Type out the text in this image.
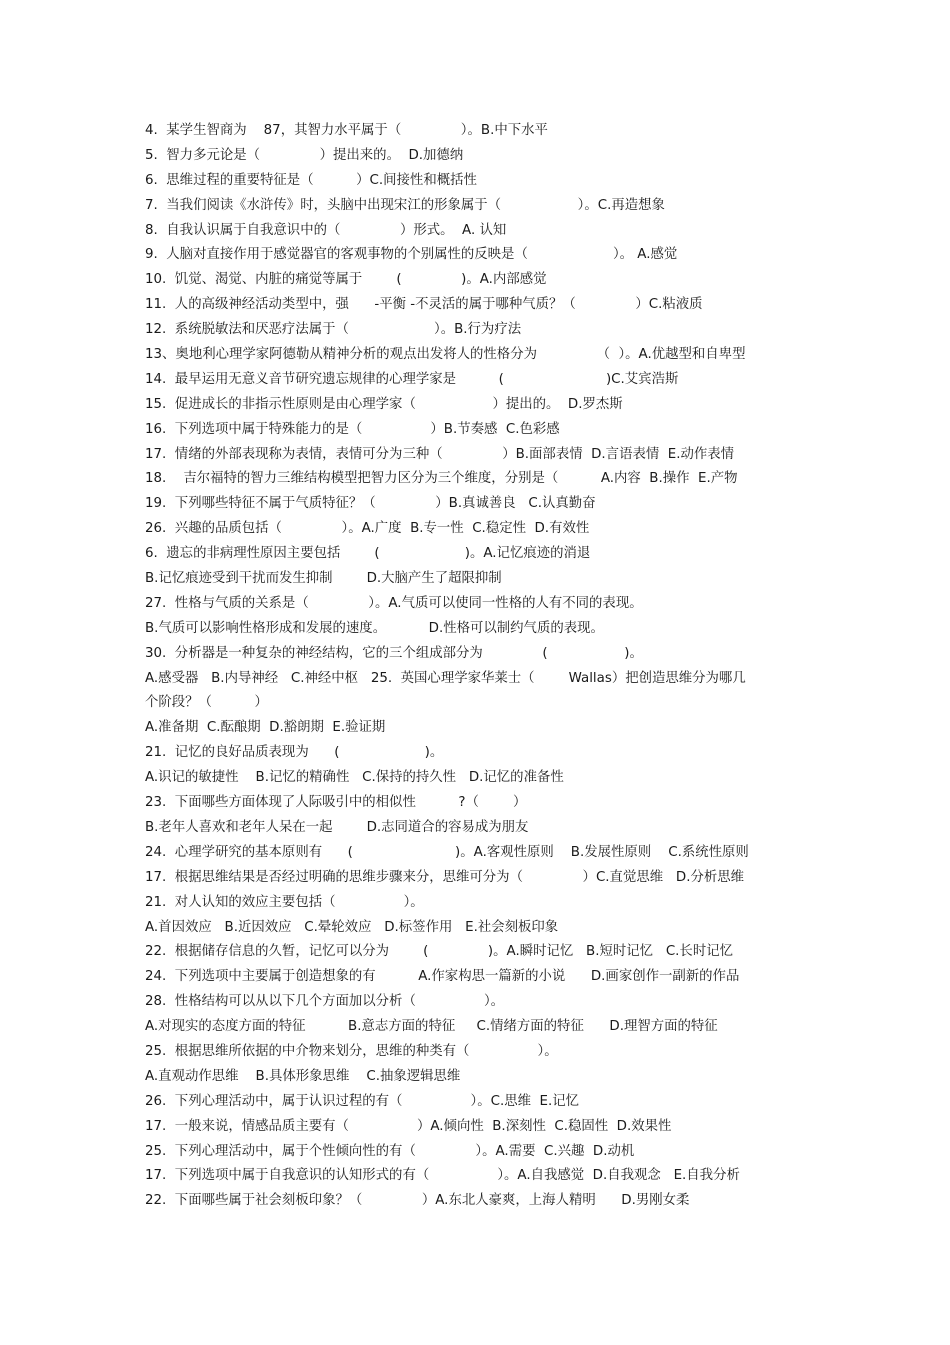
4.  某学生智商为    87，其智力水平属于（              ）。B.中下水平
5.  智力多元论是（              ）提出来的。  D.加德纳
6.  思维过程的重要特征是（          ）C.间接性和概括性
7.  当我们阅读《水浒传》时，头脑中出现宋江的形象属于（                  ）。C.再造想象
8.  自我认识属于自我意识中的（              ）形式。  A. 认知
9.  人脑对直接作用于感觉器官的客观事物的个别属性的反映是（                    ）。 A.感觉
10.  饥觉、渴觉、内脏的痛觉等属于        (              )。A.内部感觉
11.  人的高级神经活动类型中，强      -平衡 -不灵活的属于哪种气质？（              ）C.粘液质
12.  系统脱敏法和厌恶疗法属于（                    ）。B.行为疗法
13、奥地利心理学家阿德勒从精神分析的观点出发将人的性格分为              （  ）。A.优越型和自卑型
14.  最早运用无意义音节研究遗忘规律的心理学家是          (                        )C.艾宾浩斯
15.  促进成长的非指示性原则是由心理学家（                  ）提出的。  D.罗杰斯
16.  下列选项中属于特殊能力的是（                ）B.节奏感  C.色彩感
17.  情绪的外部表现称为表情，表情可分为三种（              ）B.面部表情  D.言语表情  E.动作表情
18.    吉尔福特的智力三维结构模型把智力区分为三个维度，分别是（          A.内容  B.操作  E.产物
19.  下列哪些特征不属于气质特征？（              ）B.真诚善良   C.认真勤奋
26.  兴趣的品质包括（              ）。A.广度  B.专一性  C.稳定性  D.有效性
6.  遗忘的非病理性原因主要包括        (                    )。A.记忆痕迹的消退
B.记忆痕迹受到干扰而发生抑制        D.大脑产生了超限抑制
27.  性格与气质的关系是（              ）。A.气质可以使同一性格的人有不同的表现。
B.气质可以影响性格形成和发展的速度。          D.性格可以制约气质的表现。
30.  分析器是一种复杂的神经结构，它的三个组成部分为              (                  )。
A.感受器   B.内导神经   C.神经中枢   25.  英国心理学家华莱士（        Wallas）把创造思维分为哪几
个阶段？（          ）
A.准备期  C.酝酿期  D.豁朗期  E.验证期
21.  记忆的良好品质表现为      (                    )。
A.识记的敏捷性    B.记忆的精确性   C.保持的持久性   D.记忆的准备性
23.  下面哪些方面体现了人际吸引中的相似性          ?（        ）
B.老年人喜欢和老年人呆在一起        D.志同道合的容易成为朋友
24.  心理学研究的基本原则有      (                        )。A.客观性原则    B.发展性原则    C.系统性原则
17.  根据思维结果是否经过明确的思维步骤来分，思维可分为（              ）C.直觉思维   D.分析思维
21.  对人认知的效应主要包括（                ）。
A.首因效应   B.近因效应   C.晕轮效应   D.标签作用   E.社会刻板印象
22.  根据储存信息的久暂，记忆可以分为        (              )。A.瞬时记忆   B.短时记忆   C.长时记忆
24.  下列选项中主要属于创造想象的有          A.作家构思一篇新的小说      D.画家创作一副新的作品
28.  性格结构可以从以下几个方面加以分析（                ）。
A.对现实的态度方面的特征          B.意志方面的特征     C.情绪方面的特征      D.理智方面的特征
25.  根据思维所依据的中介物来划分，思维的种类有（                ）。
A.直观动作思维    B.具体形象思维    C.抽象逻辑思维
26.  下列心理活动中，属于认识过程的有（                ）。C.思维  E.记忆
17.  一般来说，情感品质主要有（                ）A.倾向性  B.深刻性  C.稳固性  D.效果性
25.  下列心理活动中，属于个性倾向性的有（              ）。A.需要  C.兴趣  D.动机
17.  下列选项中属于自我意识的认知形式的有（                ）。A.自我感觉  D.自我观念   E.自我分析
22.  下面哪些属于社会刻板印象？（              ）A.东北人豪爽，上海人精明      D.男刚女柔
